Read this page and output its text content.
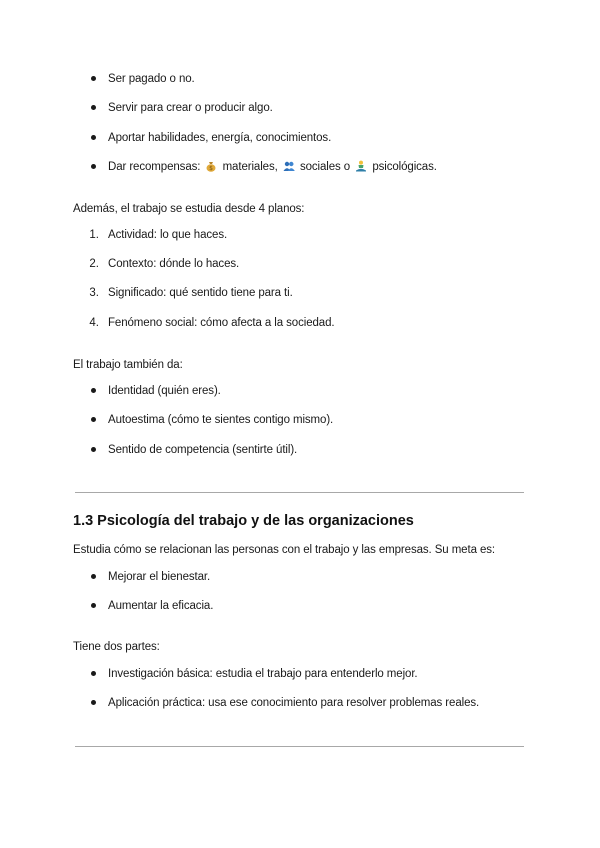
Ser pagado o no.
Servir para crear o producir algo.
Aportar habilidades, energía, conocimientos.
Dar recompensas: $ materiales, sociales o psicológicas.
Además, el trabajo se estudia desde 4 planos:
1. Actividad: lo que haces.
2. Contexto: dónde lo haces.
3. Significado: qué sentido tiene para ti.
4. Fenómeno social: cómo afecta a la sociedad.
El trabajo también da:
Identidad (quién eres).
Autoestima (cómo te sientes contigo mismo).
Sentido de competencia (sentirte útil).
1.3 Psicología del trabajo y de las organizaciones
Estudia cómo se relacionan las personas con el trabajo y las empresas. Su meta es:
Mejorar el bienestar.
Aumentar la eficacia.
Tiene dos partes:
Investigación básica: estudia el trabajo para entenderlo mejor.
Aplicación práctica: usa ese conocimiento para resolver problemas reales.
